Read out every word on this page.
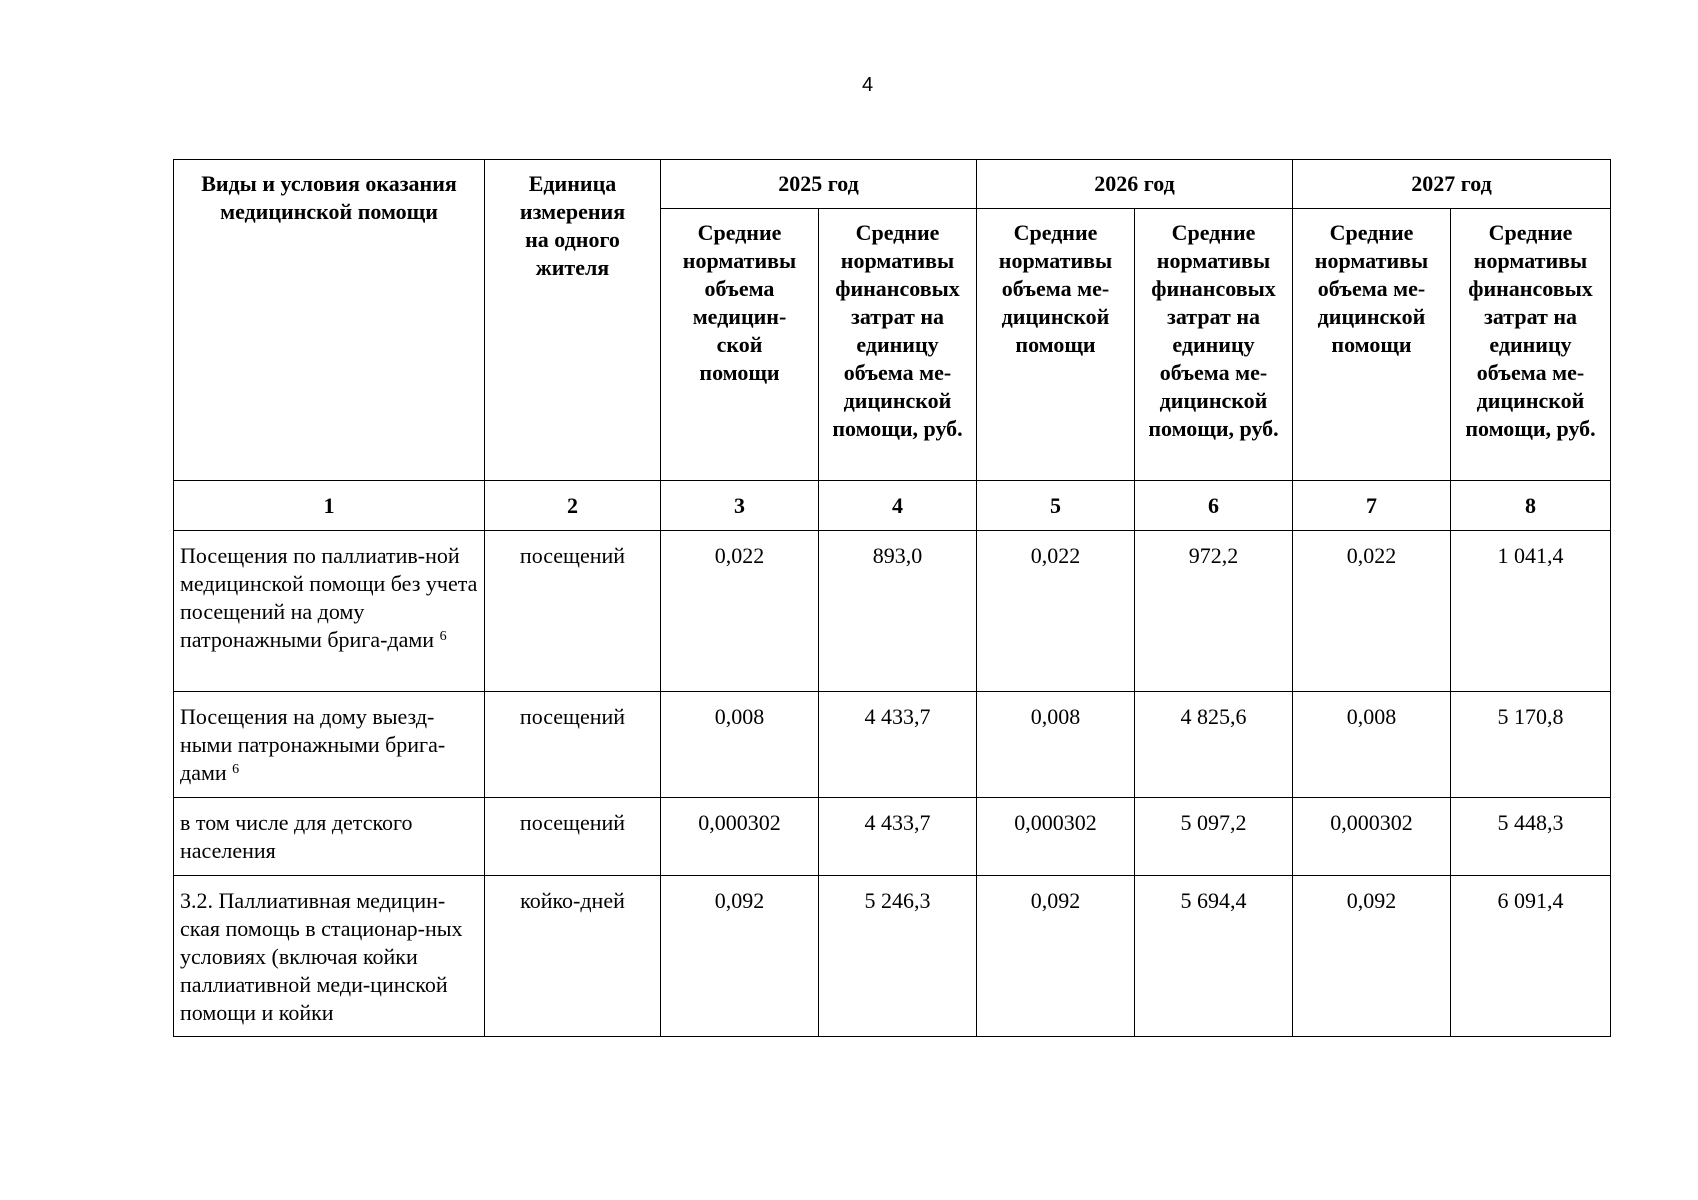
4
Виды и условия оказания медицинской помощи	Единица измерения на одного жителя	2025 год		2026 год		2027 год	

		Средние нормативы объема медицин-ской помощи	Средние нормативы финансовых затрат на единицу объема ме-дицинской помощи, руб.	Средние нормативы объема ме-дицинской помощи	Средние нормативы финансовых затрат на единицу объема ме-дицинской помощи, руб.	Средние нормативы объема ме-дицинской помощи	Средние нормативы финансовых затрат на единицу объема ме-дицинской помощи, руб.

1	2	3	4	5	6	7	8
Посещения по паллиатив-ной медицинской помощи без учета посещений на дому патронажными брига-дами $^6$	посещений	0,022	893,0	0,022	972,2	0,022	1 041,4
Посещения на дому выезд-ными патронажными брига-дами $^6$	посещений	0,008	4 433,7	0,008	4 825,6	0,008	5 170,8
в том числе для детского населения	посещений	0,000302	4 433,7	0,000302	5 097,2	0,000302	5 448,3
3.2. Паллиативная медицин-ская помощь в стационар-ных условиях (включая койки паллиативной меди-цинской помощи и койки	койко-дней	0,092	5 246,3	0,092	5 694,4	0,092	6 091,4
